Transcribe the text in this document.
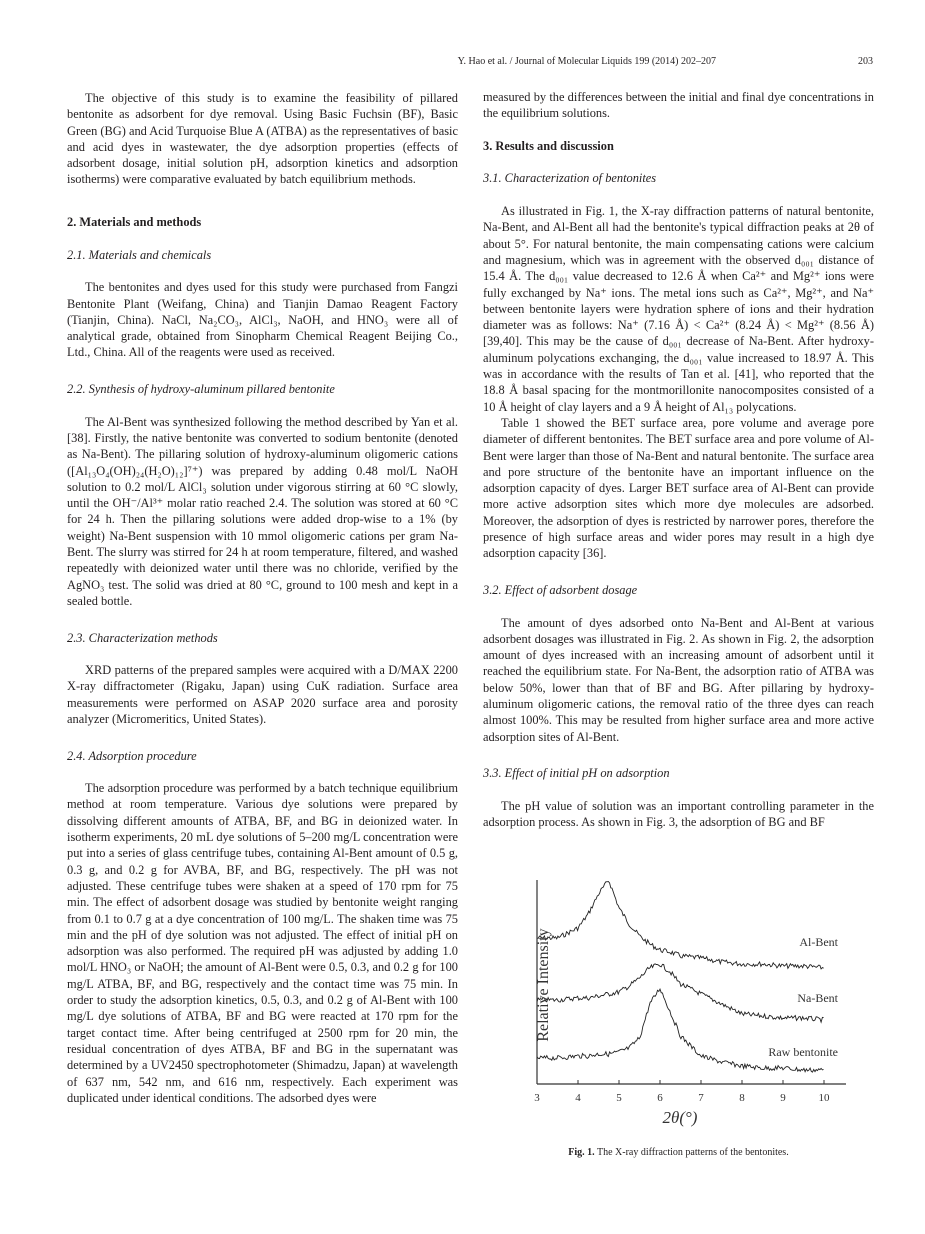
Y. Hao et al. / Journal of Molecular Liquids 199 (2014) 202–207	203

The objective of this study is to examine the feasibility of pillared bentonite as adsorbent for dye removal. Using Basic Fuchsin (BF), Basic Green (BG) and Acid Turquoise Blue A (ATBA) as the representatives of basic and acid dyes in wastewater, the dye adsorption properties (effects of adsorbent dosage, initial solution pH, adsorption kinetics and adsorption isotherms) were comparative evaluated by batch equilibrium methods.

2. Materials and methods

2.1. Materials and chemicals

The bentonites and dyes used for this study were purchased from Fangzi Bentonite Plant (Weifang, China) and Tianjin Damao Reagent Factory (Tianjin, China). NaCl, Na₂CO₃, AlCl₃, NaOH, and HNO₃ were all of analytical grade, obtained from Sinopharm Chemical Reagent Beijing Co., Ltd., China. All of the reagents were used as received.

2.2. Synthesis of hydroxy-aluminum pillared bentonite

The Al-Bent was synthesized following the method described by Yan et al. [38]. Firstly, the native bentonite was converted to sodium bentonite (denoted as Na-Bent). The pillaring solution of hydroxy-aluminum oligomeric cations ([Al₁₃O₄(OH)₂₄(H₂O)₁₂]⁷⁺) was prepared by adding 0.48 mol/L NaOH solution to 0.2 mol/L AlCl₃ solution under vigorous stirring at 60 °C slowly, until the OH⁻/Al³⁺ molar ratio reached 2.4. The solution was stored at 60 °C for 24 h. Then the pillaring solutions were added drop-wise to a 1% (by weight) Na-Bent suspension with 10 mmol oligomeric cations per gram Na-Bent. The slurry was stirred for 24 h at room temperature, filtered, and washed repeatedly with deionized water until there was no chloride, verified by the AgNO₃ test. The solid was dried at 80 °C, ground to 100 mesh and kept in a sealed bottle.

2.3. Characterization methods

XRD patterns of the prepared samples were acquired with a D/MAX 2200 X-ray diffractometer (Rigaku, Japan) using CuK radiation. Surface area measurements were performed on ASAP 2020 surface area and porosity analyzer (Micromeritics, United States).

2.4. Adsorption procedure

The adsorption procedure was performed by a batch technique equilibrium method at room temperature. Various dye solutions were prepared by dissolving different amounts of ATBA, BF, and BG in deionized water. In isotherm experiments, 20 mL dye solutions of 5–200 mg/L concentration were put into a series of glass centrifuge tubes, containing Al-Bent amount of 0.5 g, 0.3 g, and 0.2 g for AVBA, BF, and BG, respectively. The pH was not adjusted. These centrifuge tubes were shaken at a speed of 170 rpm for 75 min. The effect of adsorbent dosage was studied by bentonite weight ranging from 0.1 to 0.7 g at a dye concentration of 100 mg/L. The shaken time was 75 min and the pH of dye solution was not adjusted. The effect of initial pH on adsorption was also performed. The required pH was adjusted by adding 1.0 mol/L HNO₃ or NaOH; the amount of Al-Bent were 0.5, 0.3, and 0.2 g for 100 mg/L ATBA, BF, and BG, respectively and the contact time was 75 min. In order to study the adsorption kinetics, 0.5, 0.3, and 0.2 g of Al-Bent with 100 mg/L dye solutions of ATBA, BF and BG were reacted at 170 rpm for the target contact time. After being centrifuged at 2500 rpm for 20 min, the residual concentration of dyes ATBA, BF and BG in the supernatant was determined by a UV2450 spectrophotometer (Shimadzu, Japan) at wavelength of 637 nm, 542 nm, and 616 nm, respectively. Each experiment was duplicated under identical conditions. The adsorbed dyes were

measured by the differences between the initial and final dye concentrations in the equilibrium solutions.

3. Results and discussion

3.1. Characterization of bentonites

As illustrated in Fig. 1, the X-ray diffraction patterns of natural bentonite, Na-Bent, and Al-Bent all had the bentonite's typical diffraction peaks at 2θ of about 5°. For natural bentonite, the main compensating cations were calcium and magnesium, which was in agreement with the observed d₀₀₁ distance of 15.4 Å. The d₀₀₁ value decreased to 12.6 Å when Ca²⁺ and Mg²⁺ ions were fully exchanged by Na⁺ ions. The metal ions such as Ca²⁺, Mg²⁺, and Na⁺ between bentonite layers were hydration sphere of ions and their hydration diameter was as follows: Na⁺ (7.16 Å) < Ca²⁺ (8.24 Å) < Mg²⁺ (8.56 Å) [39,40]. This may be the cause of d₀₀₁ decrease of Na-Bent. After hydroxy-aluminum polycations exchanging, the d₀₀₁ value increased to 18.97 Å. This was in accordance with the results of Tan et al. [41], who reported that the 18.8 Å basal spacing for the montmorillonite nanocomposites consisted of a 10 Å height of clay layers and a 9 Å height of Al₁₃ polycations.

Table 1 showed the BET surface area, pore volume and average pore diameter of different bentonites. The BET surface area and pore volume of Al-Bent were larger than those of Na-Bent and natural bentonite. The surface area and pore structure of the bentonite have an important influence on the adsorption capacity of dyes. Larger BET surface area of Al-Bent can provide more active adsorption sites which more dye molecules are adsorbed. Moreover, the adsorption of dyes is restricted by narrower pores, therefore the presence of high surface areas and wider pores may result in a high dye adsorption capacity [36].

3.2. Effect of adsorbent dosage

The amount of dyes adsorbed onto Na-Bent and Al-Bent at various adsorbent dosages was illustrated in Fig. 2. As shown in Fig. 2, the adsorption amount of dyes increased with an increasing amount of adsorbent until it reached the equilibrium state. For Na-Bent, the adsorption ratio of ATBA was below 50%, lower than that of BF and BG. After pillaring by hydroxy-aluminum oligomeric cations, the removal ratio of the three dyes can reach almost 100%. This may be resulted from higher surface area and more active adsorption sites of Al-Bent.

3.3. Effect of initial pH on adsorption

The pH value of solution was an important controlling parameter in the adsorption process. As shown in Fig. 3, the adsorption of BG and BF

3	4	5	6	7	8	9	10
Al-Bent
Na-Bent
Raw bentonite
Relative Intensity
2θ(°)
Fig. 1. The X-ray diffraction patterns of the bentonites.
